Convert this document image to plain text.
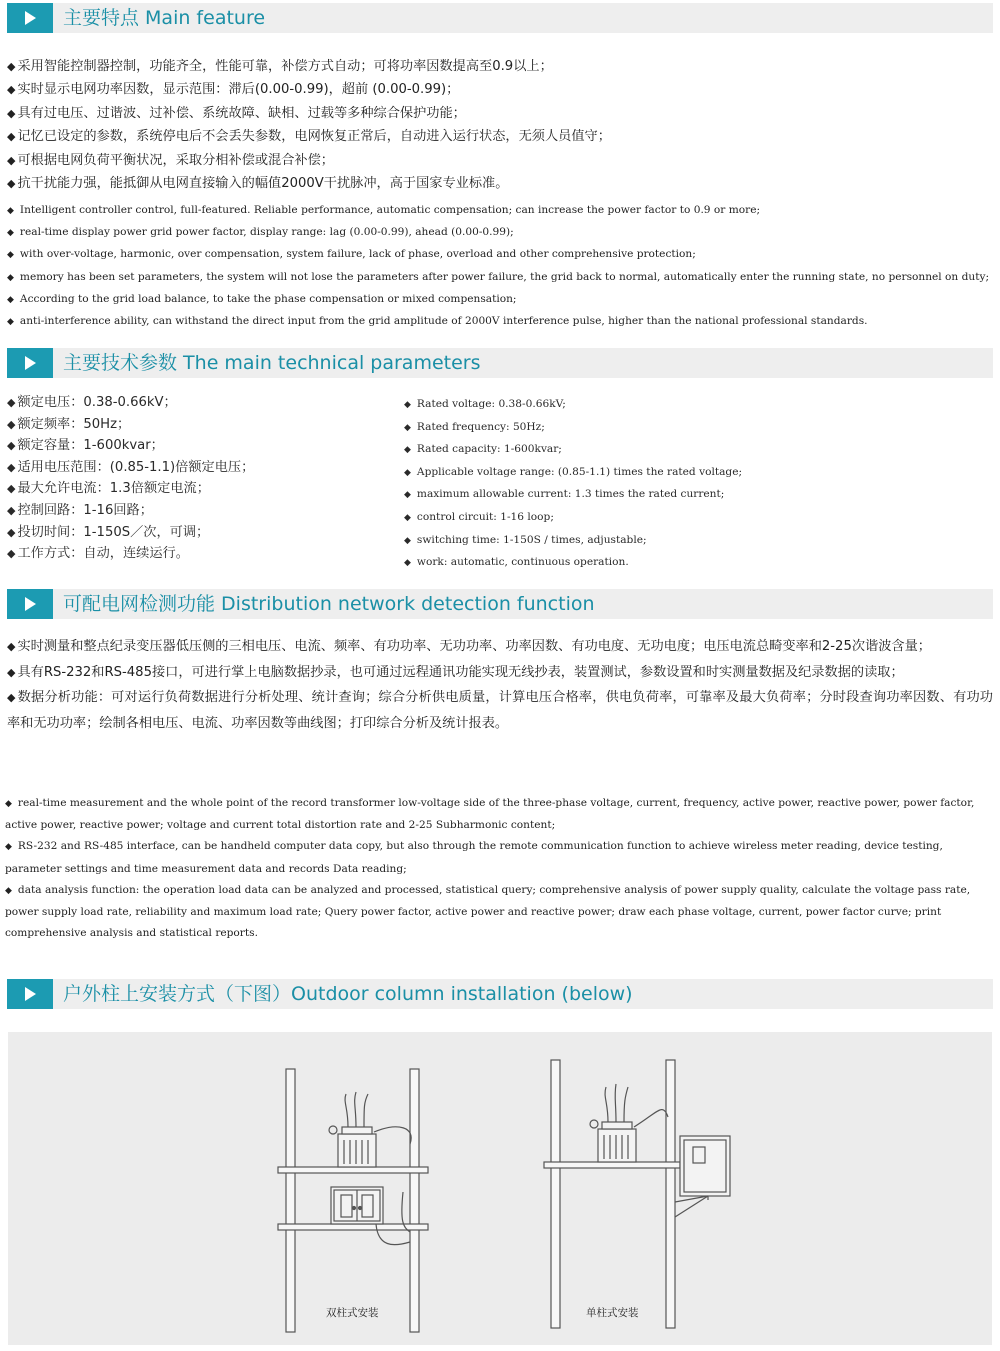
主要特点 Main feature
◆ 采用智能控制器控制，功能齐全，性能可靠，补偿方式自动；可将功率因数提高至0.9以上；
◆ 实时显示电网功率因数，显示范围：滞后(0.00-0.99)，超前 (0.00-0.99)；
◆ 具有过电压、过谐波、过补偿、系统故障、缺相、过载等多种综合保护功能；
◆ 记忆已设定的参数，系统停电后不会丢失参数，电网恢复正常后，自动进入运行状态，无须人员值守；
◆ 可根据电网负荷平衡状况，采取分相补偿或混合补偿；
◆ 抗干扰能力强，能抵御从电网直接输入的幅值2000V干扰脉冲，高于国家专业标准。
◆ Intelligent controller control, full-featured. Reliable performance, automatic compensation; can increase the power factor to 0.9 or more;
◆ real-time display power grid power factor, display range: lag (0.00-0.99), ahead (0.00-0.99);
◆ with over-voltage, harmonic, over compensation, system failure, lack of phase, overload and other comprehensive protection;
◆ memory has been set parameters, the system will not lose the parameters after power failure, the grid back to normal, automatically enter the running state, no personnel on duty;
◆ According to the grid load balance, to take the phase compensation or mixed compensation;
◆ anti-interference ability, can withstand the direct input from the grid amplitude of 2000V interference pulse, higher than the national professional standards.
主要技术参数 The main technical parameters
◆ 额定电压：0.38-0.66kV；
◆ 额定频率：50Hz；
◆ 额定容量：1-600kvar；
◆ 适用电压范围：(0.85-1.1)倍额定电压；
◆ 最大允许电流：1.3倍额定电流；
◆ 控制回路：1-16回路；
◆ 投切时间：1-150S／次，可调；
◆ 工作方式：自动，连续运行。
◆ Rated voltage: 0.38-0.66kV;
◆ Rated frequency: 50Hz;
◆ Rated capacity: 1-600kvar;
◆ Applicable voltage range: (0.85-1.1) times the rated voltage;
◆ maximum allowable current: 1.3 times the rated current;
◆ control circuit: 1-16 loop;
◆ switching time: 1-150S / times, adjustable;
◆ work: automatic, continuous operation.
可配电网检测功能 Distribution network detection function
◆ 实时测量和整点纪录变压器低压侧的三相电压、电流、频率、有功功率、无功功率、功率因数、有功电度、无功电度；电压电流总畸变率和2-25次谐波含量；
◆ 具有RS-232和RS-485接口，可进行掌上电脑数据抄录，也可通过远程通讯功能实现无线抄表，装置测试，参数设置和时实测量数据及纪录数据的读取；
◆ 数据分析功能：可对运行负荷数据进行分析处理、统计查询；综合分析供电质量，计算电压合格率，供电负荷率，可靠率及最大负荷率；分时段查询功率因数、有功功率和无功功率；绘制各相电压、电流、功率因数等曲线图；打印综合分析及统计报表。
◆ real-time measurement and the whole point of the record transformer low-voltage side of the three-phase voltage, current, frequency, active power, reactive power, power factor, active power, reactive power; voltage and current total distortion rate and 2-25 Subharmonic content;
◆ RS-232 and RS-485 interface, can be handheld computer data copy, but also through the remote communication function to achieve wireless meter reading, device testing, parameter settings and time measurement data and records Data reading;
◆ data analysis function: the operation load data can be analyzed and processed, statistical query; comprehensive analysis of power supply quality, calculate the voltage pass rate, power supply load rate, reliability and maximum load rate; Query power factor, active power and reactive power; draw each phase voltage, current, power factor curve; print comprehensive analysis and statistical reports.
户外柱上安装方式（下图）Outdoor column installation (below)
双柱式安装	单柱式安装
